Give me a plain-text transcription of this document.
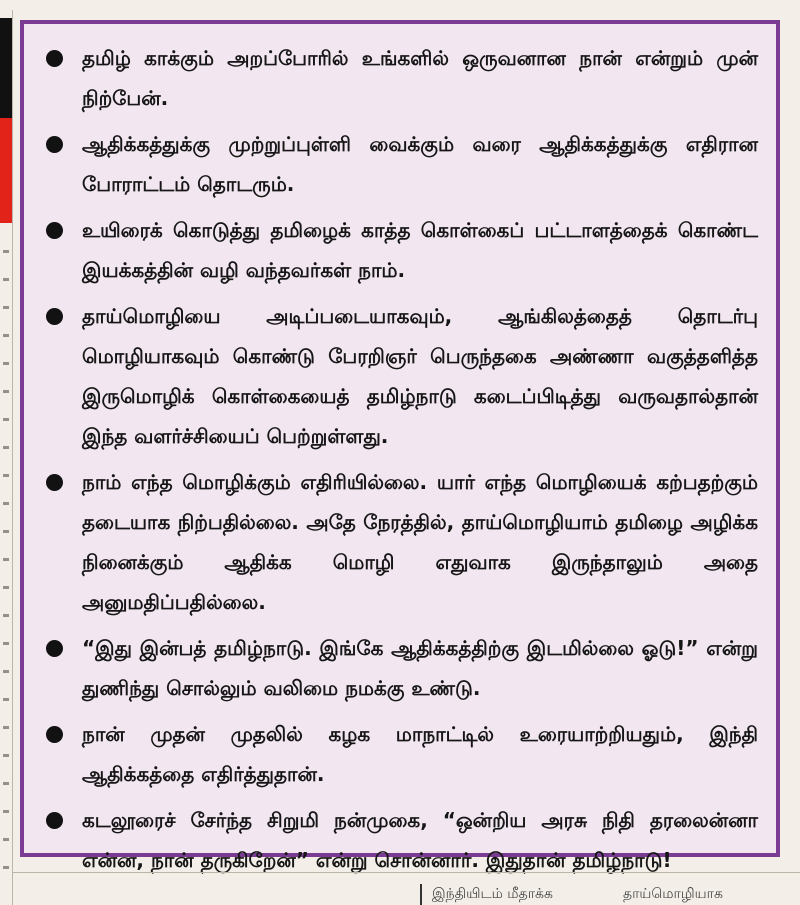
தமிழ் காக்கும் அறப்போரில் உங்களில் ஒருவனான நான் என்றும் முன் நிற்பேன்.
ஆதிக்கத்துக்கு முற்றுப்புள்ளி வைக்கும் வரை ஆதிக்கத்துக்கு எதிரான போராட்டம் தொடரும்.
உயிரைக் கொடுத்து தமிழைக் காத்த கொள்கைப் பட்டாளத்தைக் கொண்ட இயக்கத்தின் வழி வந்தவர்கள் நாம்.
தாய்மொழியை அடிப்படையாகவும், ஆங்கிலத்தைத் தொடர்பு மொழியாகவும் கொண்டு பேரறிஞர் பெருந்தகை அண்ணா வகுத்தளித்த இருமொழிக் கொள்கையைத் தமிழ்நாடு கடைப்பிடித்து வருவதால்தான் இந்த வளர்ச்சியைப் பெற்றுள்ளது.
நாம் எந்த மொழிக்கும் எதிரியில்லை. யார் எந்த மொழியைக் கற்பதற்கும் தடையாக நிற்பதில்லை. அதே நேரத்தில், தாய்மொழியாம் தமிழை அழிக்க நினைக்கும் ஆதிக்க மொழி எதுவாக இருந்தாலும் அதை அனுமதிப்பதில்லை.
“இது இன்பத் தமிழ்நாடு. இங்கே ஆதிக்கத்திற்கு இடமில்லை ஓடு!” என்று துணிந்து சொல்லும் வலிமை நமக்கு உண்டு.
நான் முதன் முதலில் கழக மாநாட்டில் உரையாற்றியதும், இந்தி ஆதிக்கத்தை எதிர்த்துதான்.
கடலூரைச் சேர்ந்த சிறுமி நன்முகை, “ஒன்றிய அரசு நிதி தரலைன்னா என்ன, நான் தருகிறேன்” என்று சொன்னார். இதுதான் தமிழ்நாடு!
இந்தியிடம் மீதாக்க	தாய்மொழியாக
